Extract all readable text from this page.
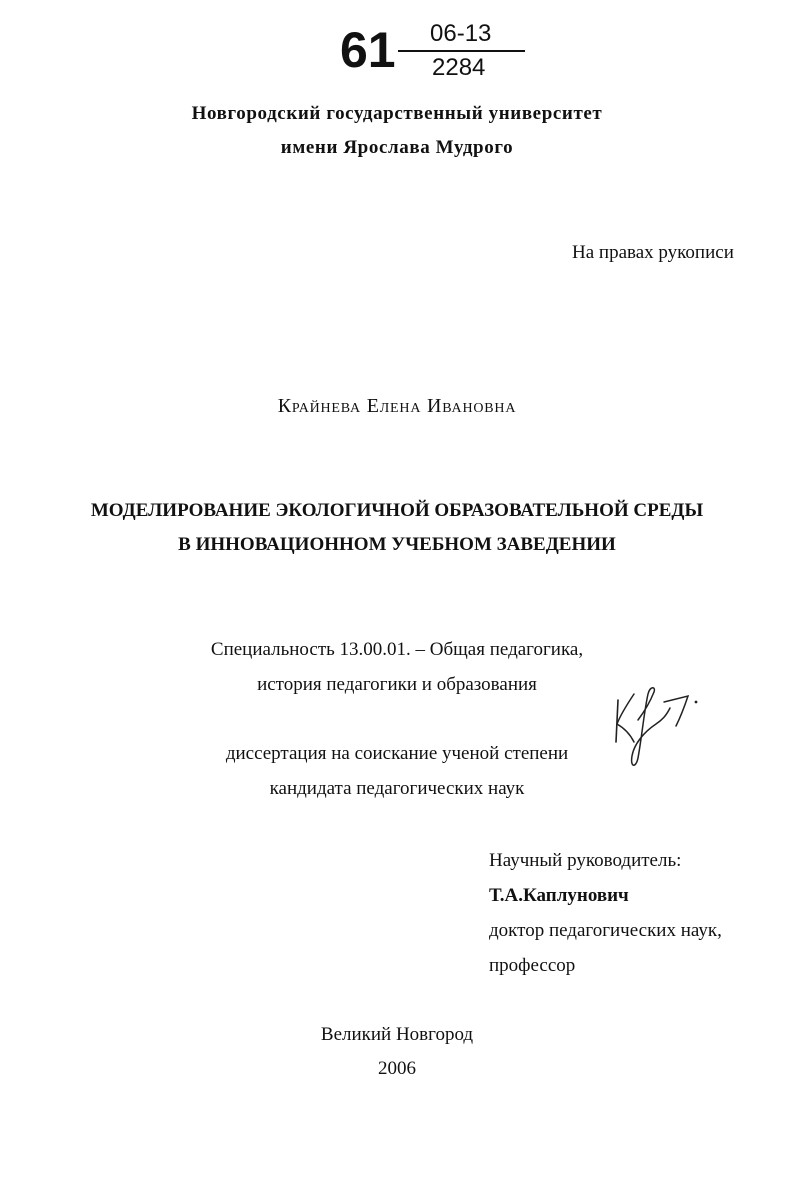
61 06-13
2284
Новгородский государственный университет
имени Ярослава Мудрого
На правах рукописи
Крайнева Елена Ивановна
МОДЕЛИРОВАНИЕ ЭКОЛОГИЧНОЙ ОБРАЗОВАТЕЛЬНОЙ СРЕДЫ
В ИННОВАЦИОННОМ УЧЕБНОМ ЗАВЕДЕНИИ
Специальность 13.00.01. – Общая педагогика,
история педагогики и образования
диссертация на соискание ученой степени
кандидата педагогических наук
Научный руководитель:
Т.А.Каплунович
доктор педагогических наук,
профессор
Великий Новгород
2006
